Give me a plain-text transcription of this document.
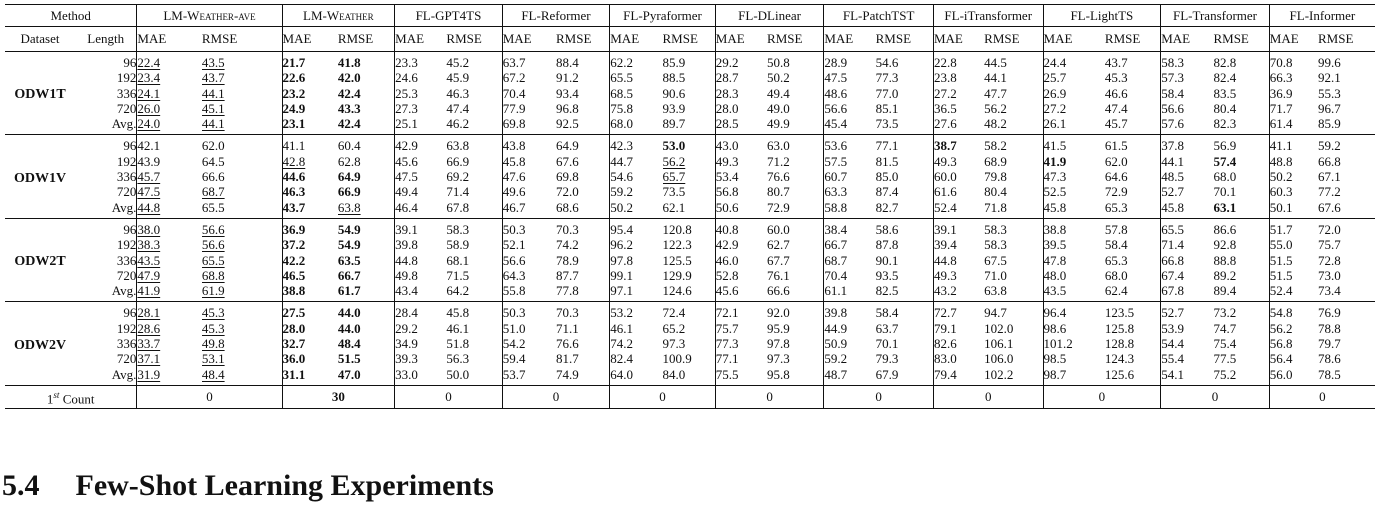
Method		LM-Weather-ave		LM-Weather		FL-GPT4TS		FL-Reformer		FL-Pyraformer		FL-DLinear		FL-PatchTST		FL-iTransformer		FL-LightTS		FL-Transformer		FL-Informer	
Dataset	Length	MAE	RMSE	MAE	RMSE	MAE	RMSE	MAE	RMSE	MAE	RMSE	MAE	RMSE	MAE	RMSE	MAE	RMSE	MAE	RMSE	MAE	RMSE	MAE	RMSE
ODW1T	96	22.4	43.5	21.7	41.8	23.3	45.2	63.7	88.4	62.2	85.9	29.2	50.8	28.9	54.6	22.8	44.5	24.4	43.7	58.3	82.8	70.8	99.6
	192	23.4	43.7	22.6	42.0	24.6	45.9	67.2	91.2	65.5	88.5	28.7	50.2	47.5	77.3	23.8	44.1	25.7	45.3	57.3	82.4	66.3	92.1
	336	24.1	44.1	23.2	42.4	25.3	46.3	70.4	93.4	68.5	90.6	28.3	49.4	48.6	77.0	27.2	47.7	26.9	46.6	58.4	83.5	36.9	55.3
	720	26.0	45.1	24.9	43.3	27.3	47.4	77.9	96.8	75.8	93.9	28.0	49.0	56.6	85.1	36.5	56.2	27.2	47.4	56.6	80.4	71.7	96.7
	Avg.	24.0	44.1	23.1	42.4	25.1	46.2	69.8	92.5	68.0	89.7	28.5	49.9	45.4	73.5	27.6	48.2	26.1	45.7	57.6	82.3	61.4	85.9
ODW1V	96	42.1	62.0	41.1	60.4	42.9	63.8	43.8	64.9	42.3	53.0	43.0	63.0	53.6	77.1	38.7	58.2	41.5	61.5	37.8	56.9	41.1	59.2
	192	43.9	64.5	42.8	62.8	45.6	66.9	45.8	67.6	44.7	56.2	49.3	71.2	57.5	81.5	49.3	68.9	41.9	62.0	44.1	57.4	48.8	66.8
	336	45.7	66.6	44.6	64.9	47.5	69.2	47.6	69.8	54.6	65.7	53.4	76.6	60.7	85.0	60.0	79.8	47.3	64.6	48.5	68.0	50.2	67.1
	720	47.5	68.7	46.3	66.9	49.4	71.4	49.6	72.0	59.2	73.5	56.8	80.7	63.3	87.4	61.6	80.4	52.5	72.9	52.7	70.1	60.3	77.2
	Avg.	44.8	65.5	43.7	63.8	46.4	67.8	46.7	68.6	50.2	62.1	50.6	72.9	58.8	82.7	52.4	71.8	45.8	65.3	45.8	63.1	50.1	67.6
ODW2T	96	38.0	56.6	36.9	54.9	39.1	58.3	50.3	70.3	95.4	120.8	40.8	60.0	38.4	58.6	39.1	58.3	38.8	57.8	65.5	86.6	51.7	72.0
	192	38.3	56.6	37.2	54.9	39.8	58.9	52.1	74.2	96.2	122.3	42.9	62.7	66.7	87.8	39.4	58.3	39.5	58.4	71.4	92.8	55.0	75.7
	336	43.5	65.5	42.2	63.5	44.8	68.1	56.6	78.9	97.8	125.5	46.0	67.7	68.7	90.1	44.8	67.5	47.8	65.3	66.8	88.8	51.5	72.8
	720	47.9	68.8	46.5	66.7	49.8	71.5	64.3	87.7	99.1	129.9	52.8	76.1	70.4	93.5	49.3	71.0	48.0	68.0	67.4	89.2	51.5	73.0
	Avg.	41.9	61.9	38.8	61.7	43.4	64.2	55.8	77.8	97.1	124.6	45.6	66.6	61.1	82.5	43.2	63.8	43.5	62.4	67.8	89.4	52.4	73.4
ODW2V	96	28.1	45.3	27.5	44.0	28.4	45.8	50.3	70.3	53.2	72.4	72.1	92.0	39.8	58.4	72.7	94.7	96.4	123.5	52.7	73.2	54.8	76.9
	192	28.6	45.3	28.0	44.0	29.2	46.1	51.0	71.1	46.1	65.2	75.7	95.9	44.9	63.7	79.1	102.0	98.6	125.8	53.9	74.7	56.2	78.8
	336	33.7	49.8	32.7	48.4	34.9	51.8	54.2	76.6	74.2	97.3	77.3	97.8	50.9	70.1	82.6	106.1	101.2	128.8	54.4	75.4	56.8	79.7
	720	37.1	53.1	36.0	51.5	39.3	56.3	59.4	81.7	82.4	100.9	77.1	97.3	59.2	79.3	83.0	106.0	98.5	124.3	55.4	77.5	56.4	78.6
	Avg.	31.9	48.4	31.1	47.0	33.0	50.0	53.7	74.9	64.0	84.0	75.5	95.8	48.7	67.9	79.4	102.2	98.7	125.6	54.1	75.2	56.0	78.5
1st Count		0		30		0		0		0		0		0		0		0		0		0	
5.4 Few-Shot Learning Experiments
